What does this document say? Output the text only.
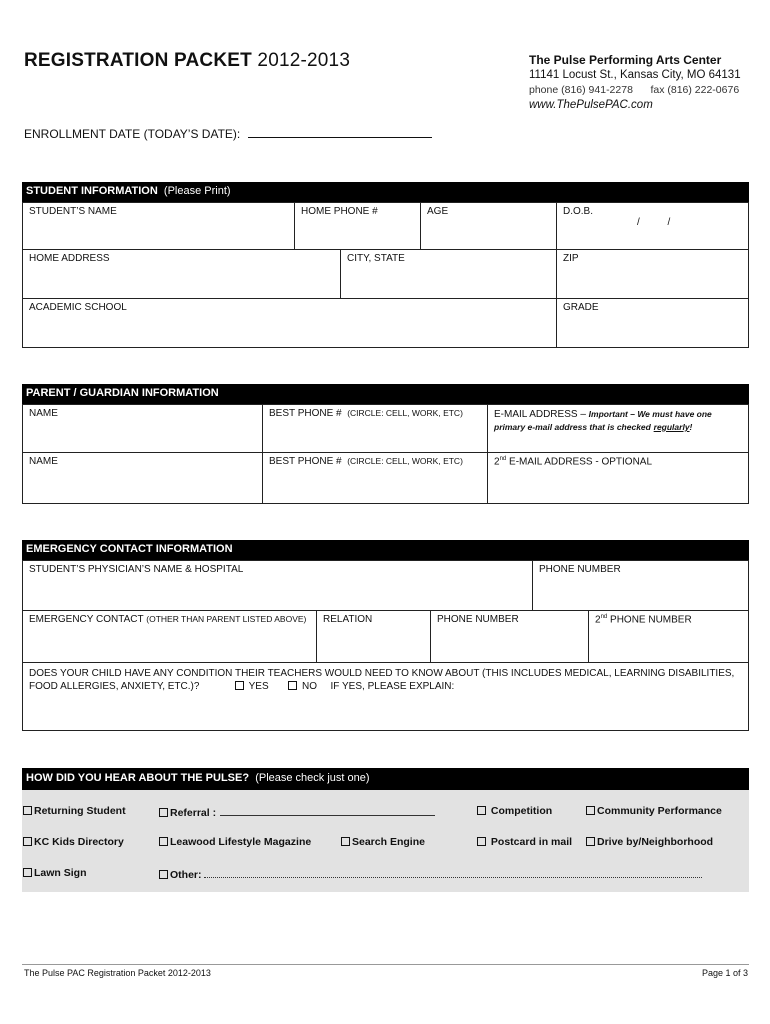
REGISTRATION PACKET 2012-2013	The Pulse Performing Arts Center
11141 Locust St., Kansas City, MO 64131
phone (816) 941-2278 fax (816) 222-0676
www.ThePulsePAC.com
ENROLLMENT DATE (TODAY’S DATE):
STUDENT INFORMATION (Please Print)
STUDENT’S NAME	HOME PHONE #	AGE	D.O.B.
/          /
HOME ADDRESS	CITY, STATE	ZIP
ACADEMIC SCHOOL	GRADE
PARENT / GUARDIAN INFORMATION
NAME	BEST PHONE # (CIRCLE: CELL, WORK, ETC)	E-MAIL ADDRESS – Important – We must have one
primary e-mail address that is checked regularly!
NAME	BEST PHONE # (CIRCLE: CELL, WORK, ETC)	2nd E-MAIL ADDRESS - OPTIONAL
EMERGENCY CONTACT INFORMATION
STUDENT’S PHYSICIAN’S NAME & HOSPITAL	PHONE NUMBER
EMERGENCY CONTACT (OTHER THAN PARENT LISTED ABOVE)	RELATION	PHONE NUMBER	2nd PHONE NUMBER
DOES YOUR CHILD HAVE ANY CONDITION THEIR TEACHERS WOULD NEED TO KNOW ABOUT (THIS INCLUDES MEDICAL, LEARNING DISABILITIES,
FOOD ALLERGIES, ANXIETY, ETC.)?	YES	NO IF YES, PLEASE EXPLAIN:
HOW DID YOU HEAR ABOUT THE PULSE? (Please check just one)
Returning Student	Referral :	Competition	Community Performance
KC Kids Directory	Leawood Lifestyle Magazine	Search Engine	Postcard in mail	Drive by/Neighborhood
Lawn Sign	Other:
The Pulse PAC Registration Packet 2012-2013	Page 1 of 3
